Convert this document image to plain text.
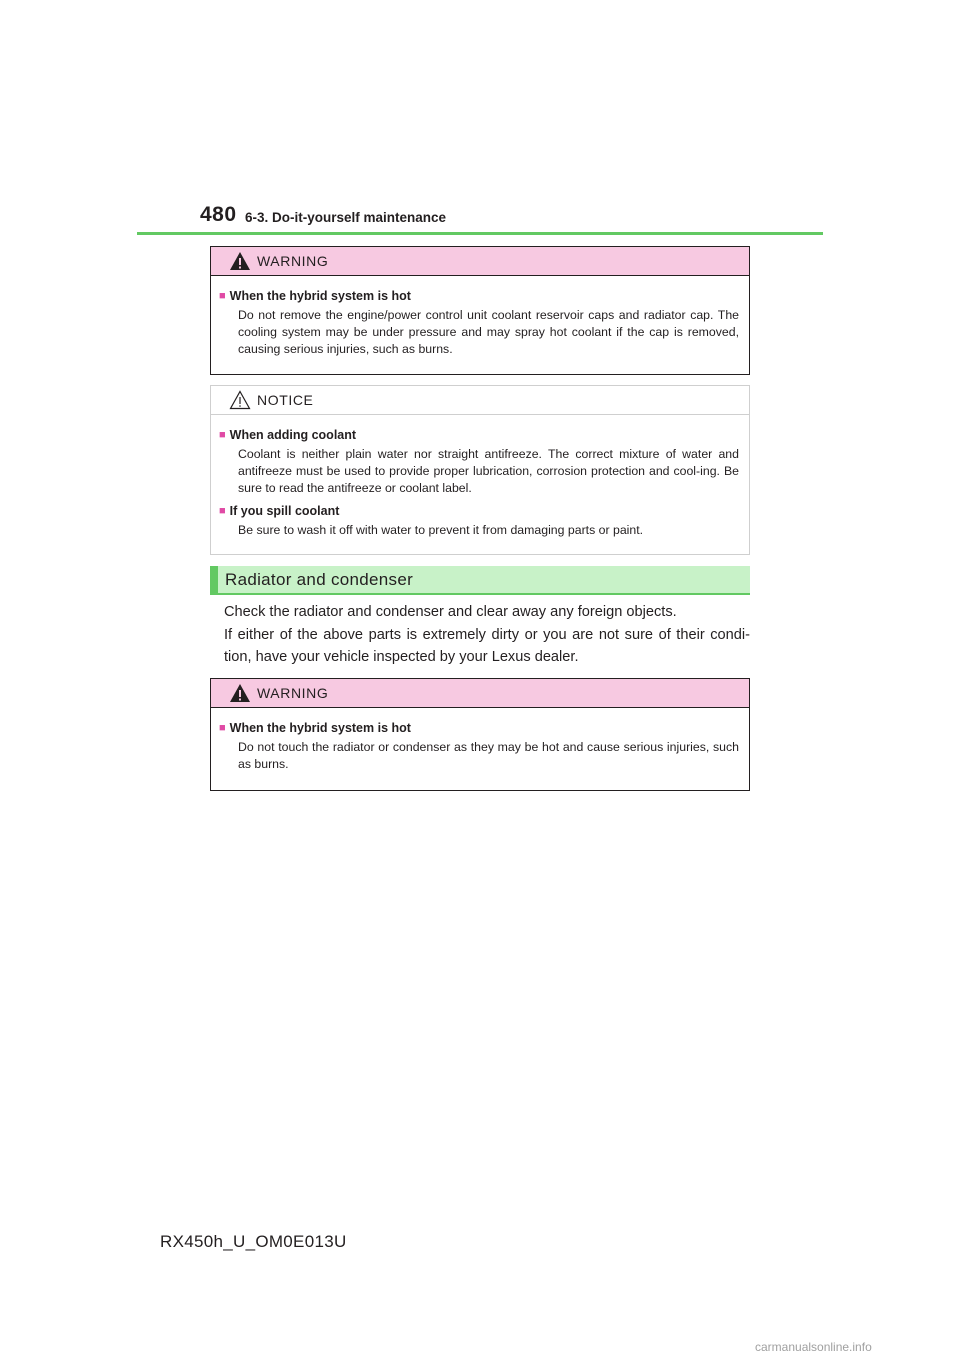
480 6-3. Do-it-yourself maintenance
WARNING
■ When the hybrid system is hot
Do not remove the engine/power control unit coolant reservoir caps and radiator cap. The cooling system may be under pressure and may spray hot coolant if the cap is removed, causing serious injuries, such as burns.
NOTICE
■ When adding coolant
Coolant is neither plain water nor straight antifreeze. The correct mixture of water and antifreeze must be used to provide proper lubrication, corrosion protection and cool-ing. Be sure to read the antifreeze or coolant label.
■ If you spill coolant
Be sure to wash it off with water to prevent it from damaging parts or paint.
Radiator and condenser
Check the radiator and condenser and clear away any foreign objects.
If either of the above parts is extremely dirty or you are not sure of their condi-tion, have your vehicle inspected by your Lexus dealer.
WARNING
■ When the hybrid system is hot
Do not touch the radiator or condenser as they may be hot and cause serious injuries, such as burns.
RX450h_U_OM0E013U
carmanualsonline.info
